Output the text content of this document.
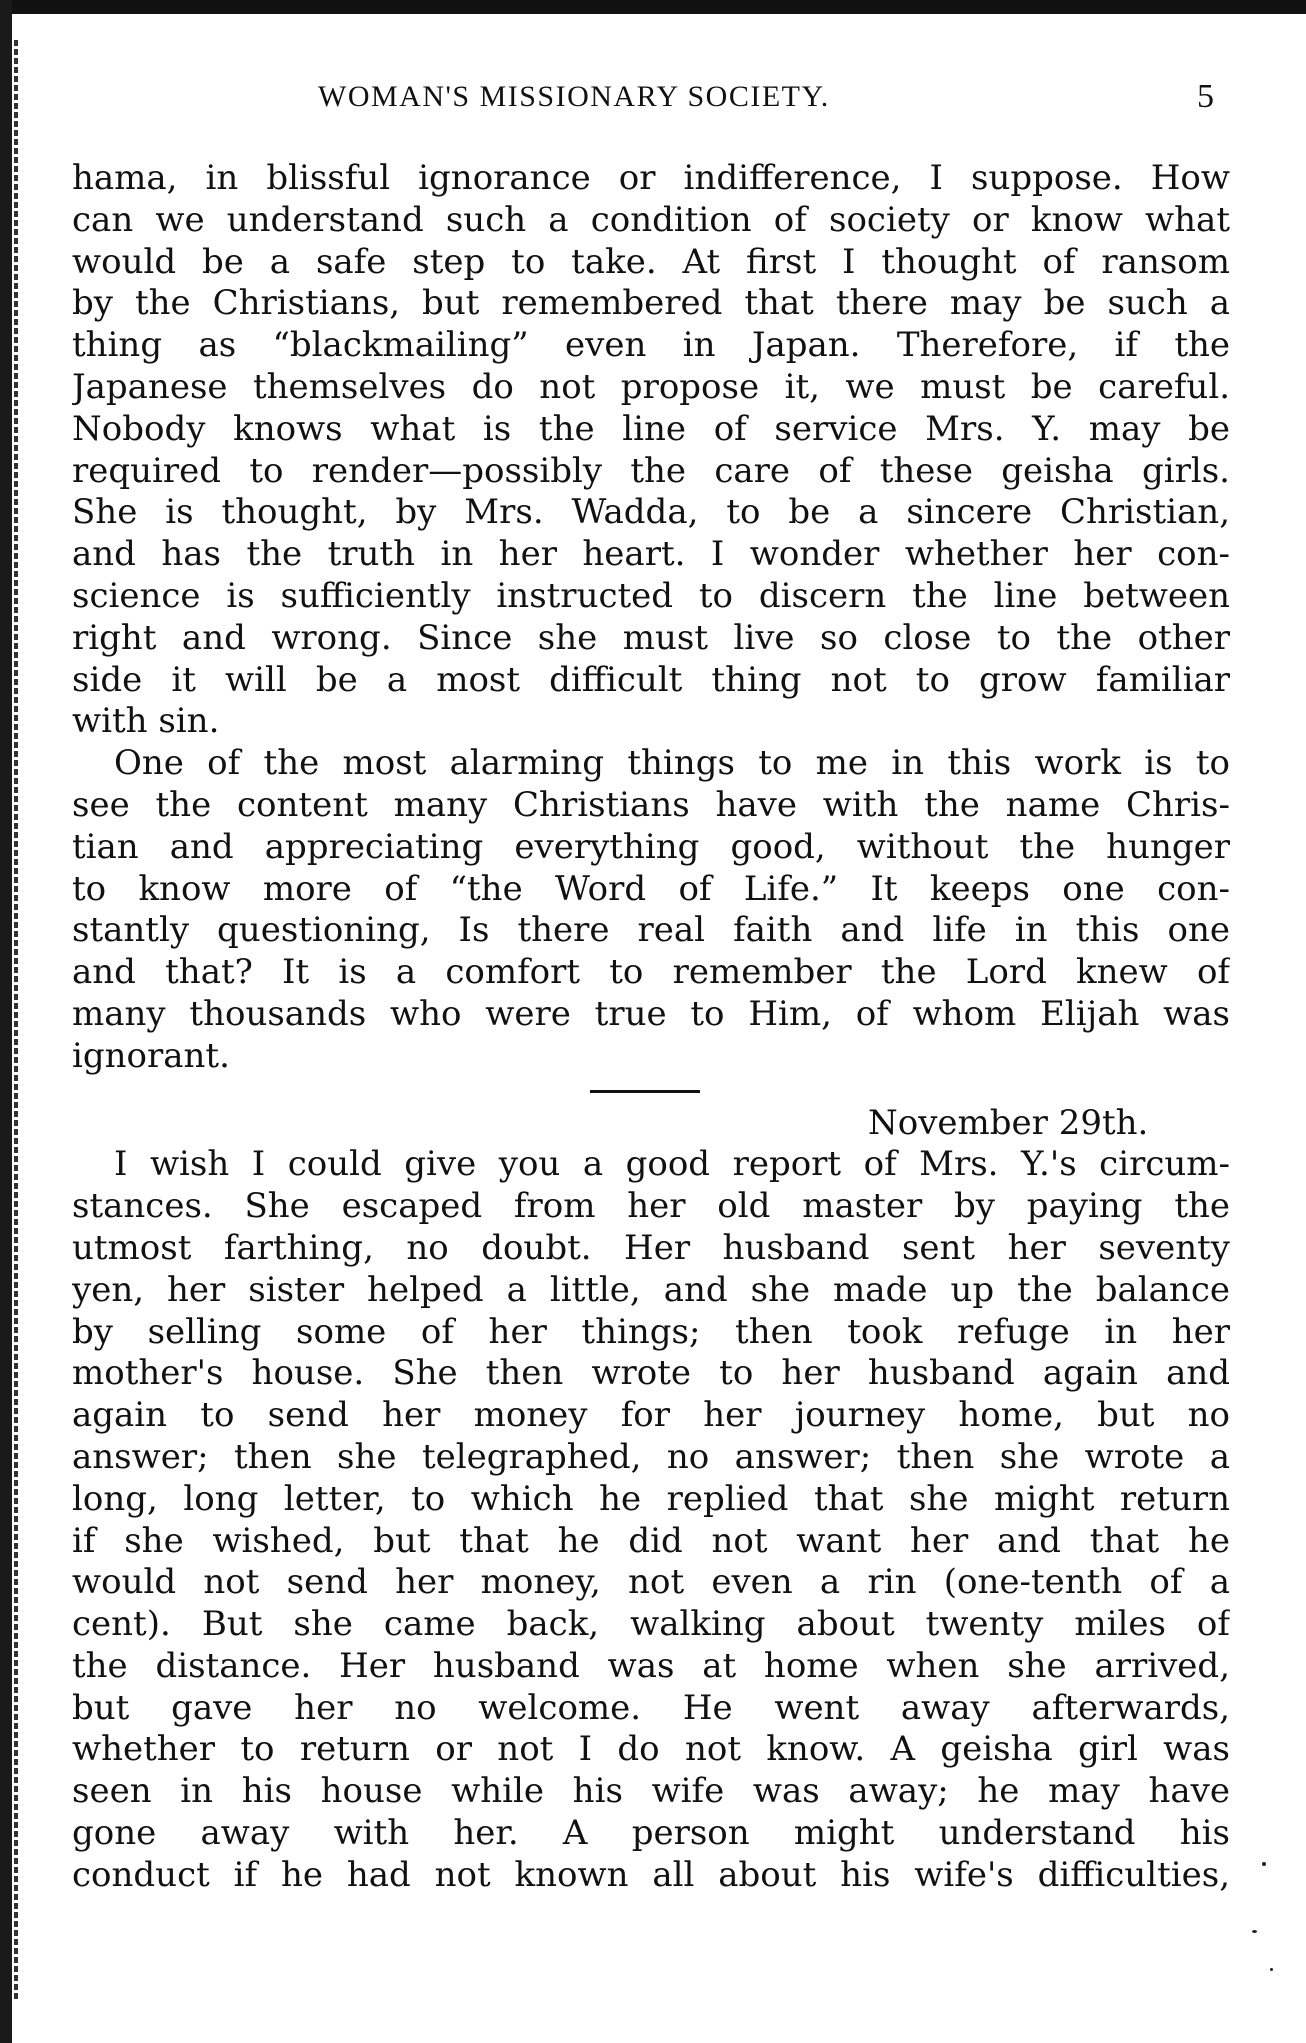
WOMAN'S MISSIONARY SOCIETY.	5
hama, in blissful ignorance or indifference, I suppose. How
can we understand such a condition of society or know what
would be a safe step to take. At first I thought of ransom
by the Christians, but remembered that there may be such a
thing as “blackmailing” even in Japan. Therefore, if the
Japanese themselves do not propose it, we must be careful.
Nobody knows what is the line of service Mrs. Y. may be
required to render—possibly the care of these geisha girls.
She is thought, by Mrs. Wadda, to be a sincere Christian,
and has the truth in her heart. I wonder whether her con-
science is sufficiently instructed to discern the line between
right and wrong. Since she must live so close to the other
side it will be a most difficult thing not to grow familiar
with sin.
One of the most alarming things to me in this work is to
see the content many Christians have with the name Chris-
tian and appreciating everything good, without the hunger
to know more of “the Word of Life.” It keeps one con-
stantly questioning, Is there real faith and life in this one
and that? It is a comfort to remember the Lord knew of
many thousands who were true to Him, of whom Elijah was
ignorant.
November 29th.
I wish I could give you a good report of Mrs. Y.'s circum-
stances. She escaped from her old master by paying the
utmost farthing, no doubt. Her husband sent her seventy
yen, her sister helped a little, and she made up the balance
by selling some of her things; then took refuge in her
mother's house. She then wrote to her husband again and
again to send her money for her journey home, but no
answer; then she telegraphed, no answer; then she wrote a
long, long letter, to which he replied that she might return
if she wished, but that he did not want her and that he
would not send her money, not even a rin (one-tenth of a
cent). But she came back, walking about twenty miles of
the distance. Her husband was at home when she arrived,
but gave her no welcome. He went away afterwards,
whether to return or not I do not know. A geisha girl was
seen in his house while his wife was away; he may have
gone away with her. A person might understand his
conduct if he had not known all about his wife's difficulties,
